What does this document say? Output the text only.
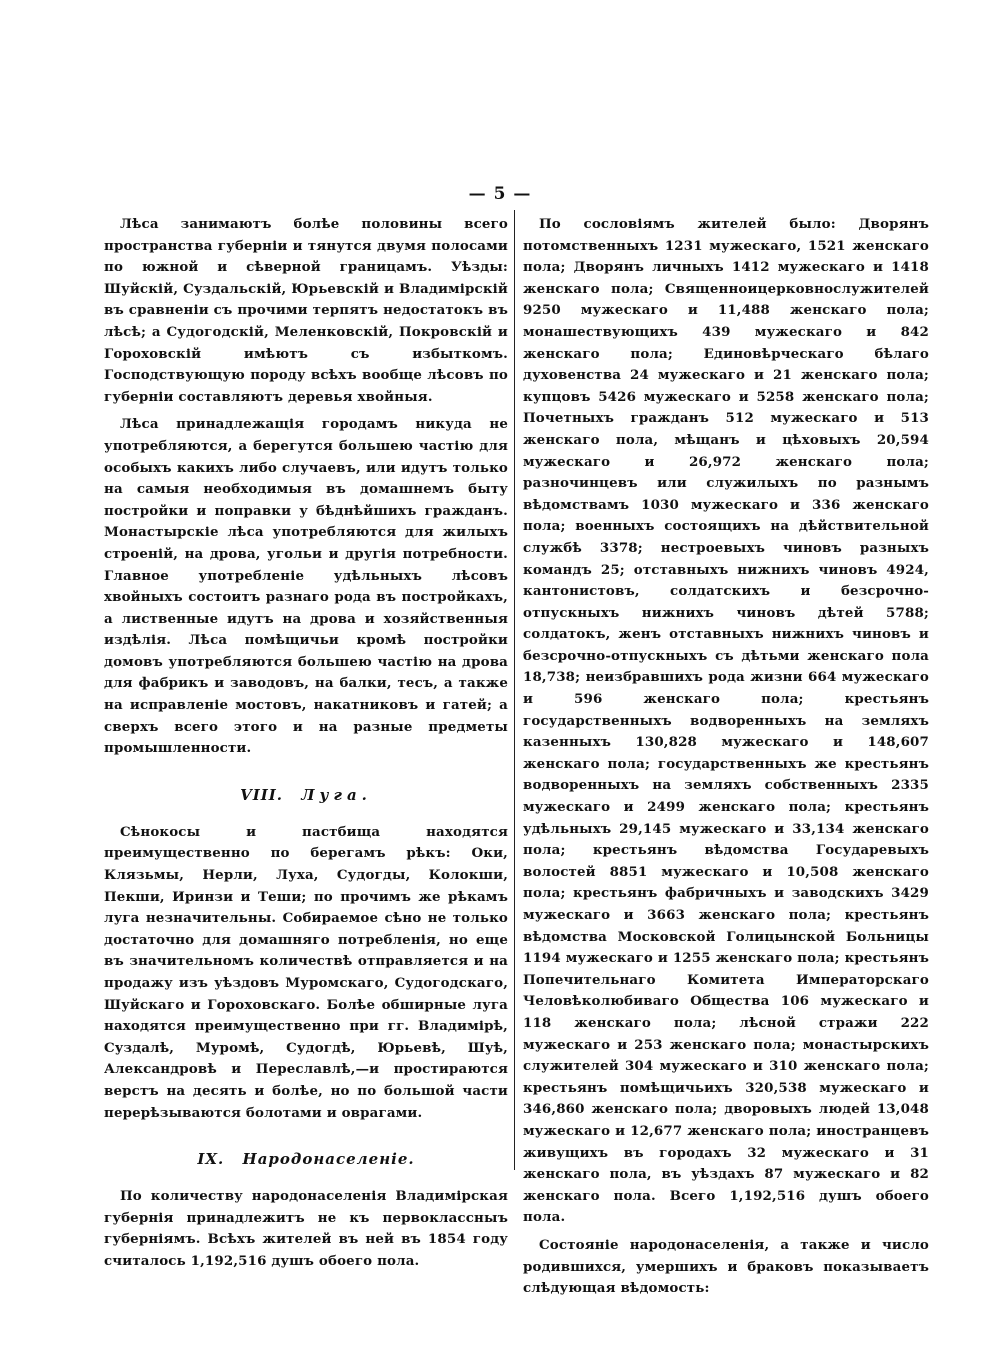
— 5 —

Лѣса занимаютъ болѣе половины всего пространства губерніи и тянутся двумя полосами по южной и сѣверной границамъ. Уѣзды: Шуйскій, Суздальскій, Юрьевскій и Владимірскій въ сравненіи съ прочими терпятъ недостатокъ въ лѣсѣ; а Судогодскій, Меленковскій, Покровскій и Гороховскій имѣютъ съ избыткомъ. Господствующую породу всѣхъ вообще лѣсовъ по губерніи составляютъ деревья хвойныя.

Лѣса принадлежащія городамъ никуда не употребляются, а берегутся большею частію для особыхъ какихъ либо случаевъ, или идутъ только на самыя необходимыя въ домашнемъ быту постройки и поправки у бѣднѣйшихъ гражданъ. Монастырскіе лѣса употребляются для жилыхъ строеній, на дрова, угольи и другія потребности. Главное употребленіе удѣльныхъ лѣсовъ хвойныхъ состоитъ разнаго рода въ постройкахъ, а лиственные идутъ на дрова и хозяйственныя издѣлія. Лѣса помѣщичьи кромѣ постройки домовъ употребляются большею частію на дрова для фабрикъ и заводовъ, на балки, тесъ, а также на исправленіе мостовъ, накатниковъ и гатей; а сверхъ всего этого и на разные предметы промышленности.

VIII. Луга.

Сѣнокосы и пастбища находятся преимущественно по берегамъ рѣкъ: Оки, Клязьмы, Нерли, Луха, Судогды, Колокши, Пекши, Иринзи и Теши; по прочимъ же рѣкамъ луга незначительны. Собираемое сѣно не только достаточно для домашняго потребленія, но еще въ значительномъ количествѣ отправляется и на продажу изъ уѣздовъ Муромскаго, Судогодскаго, Шуйскаго и Гороховскаго. Болѣе обширные луга находятся преимущественно при гг. Владимірѣ, Суздалѣ, Муромѣ, Судогдѣ, Юрьевѣ, Шуѣ, Александровѣ и Переславлѣ,—и простираются верстъ на десять и болѣе, но по большой части перерѣзываются болотами и оврагами.

IX. Народонаселеніе.

По количеству народонаселенія Владимірская губернія принадлежитъ не къ первоклассныъ губерніямъ. Всѣхъ жителей въ ней въ 1854 году считалось 1,192,516 душъ обоего пола.

По сословіямъ жителей было: Дворянъ потомственныхъ 1231 мужескаго, 1521 женскаго пола; Дворянъ личныхъ 1412 мужескаго и 1418 женскаго пола; Священноицерковнослужителей 9250 мужескаго и 11,488 женскаго пола; монашествующихъ 439 мужескаго и 842 женскаго пола; Единовѣрческаго бѣлаго духовенства 24 мужескаго и 21 женскаго пола; купцовъ 5426 мужескаго и 5258 женскаго пола; Почетныхъ гражданъ 512 мужескаго и 513 женскаго пола, мѣщанъ и цѣховыхъ 20,594 мужескаго и 26,972 женскаго пола; разночинцевъ или служилыхъ по разнымъ вѣдомствамъ 1030 мужескаго и 336 женскаго пола; военныхъ состоящихъ на дѣйствительной службѣ 3378; нестроевыхъ чиновъ разныхъ командъ 25; отставныхъ нижнихъ чиновъ 4924, кантонистовъ, солдатскихъ и безсрочно-отпускныхъ нижнихъ чиновъ дѣтей 5788; солдатокъ, женъ отставныхъ нижнихъ чиновъ и безсрочно-отпускныхъ съ дѣтьми женскаго пола 18,738; неизбравшихъ рода жизни 664 мужескаго и 596 женскаго пола; крестьянъ государственныхъ водворенныхъ на земляхъ казенныхъ 130,828 мужескаго и 148,607 женскаго пола; государственныхъ же крестьянъ водворенныхъ на земляхъ собственныхъ 2335 мужескаго и 2499 женскаго пола; крестьянъ удѣльныхъ 29,145 мужескаго и 33,134 женскаго пола; крестьянъ вѣдомства Государевыхъ волостей 8851 мужескаго и 10,508 женскаго пола; крестьянъ фабричныхъ и заводскихъ 3429 мужескаго и 3663 женскаго пола; крестьянъ вѣдомства Московской Голицынской Больницы 1194 мужескаго и 1255 женскаго пола; крестьянъ Попечительнаго Комитета Императорскаго Человѣколюбиваго Общества 106 мужескаго и 118 женскаго пола; лѣсной стражи 222 мужескаго и 253 женскаго пола; монастырскихъ служителей 304 мужескаго и 310 женскаго пола; крестьянъ помѣщичьихъ 320,538 мужескаго и 346,860 женскаго пола; дворовыхъ людей 13,048 мужескаго и 12,677 женскаго пола; иностранцевъ живущихъ въ городахъ 32 мужескаго и 31 женскаго пола, въ уѣздахъ 87 мужескаго и 82 женскаго пола. Всего 1,192,516 душъ обоего пола.

Состояніе народонаселенія, а также и число родившихся, умершихъ и браковъ показываетъ слѣдующая вѣдомость:
